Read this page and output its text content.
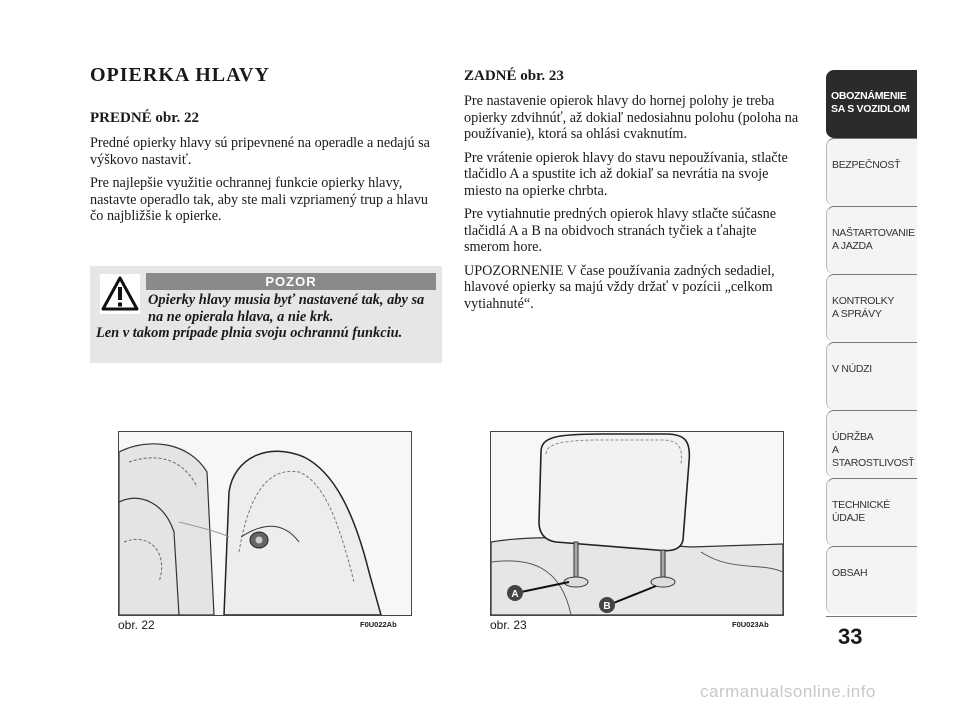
OPIERKA HLAVY

PREDNÉ obr. 22

Predné opierky hlavy sú pripevnené na operadle a nedajú sa výškovo nastaviť.

Pre najlepšie využitie ochrannej funkcie opierky hlavy, nastavte operadlo tak, aby ste mali vzpriamený trup a hlavu čo najbližšie k opierke.

POZOR

Opierky hlavy musia byť nastavené tak, aby sa na ne opierala hlava, a nie krk.
Len v takom prípade plnia svoju ochrannú funkciu.

ZADNÉ obr. 23

Pre nastavenie opierok hlavy do hornej polohy je treba opierky zdvihnúť, až dokiaľ nedosiahnu polohu (poloha na používanie), ktorá sa ohlási cvaknutím.

Pre vrátenie opierok hlavy do stavu nepoužívania, stlačte tlačidlo A a spustite ich až dokiaľ sa nevrátia na svoje miesto na opierke chrbta.

Pre vytiahnutie predných opierok hlavy stlačte súčasne tlačidlá A a B na obidvoch stranách tyčiek a ťahajte smerom hore.

UPOZORNENIE V čase používania zadných sedadiel, hlavové opierky sa majú vždy držať v pozícii „celkom vytiahnuté“.

obr. 22	F0U022Ab
A
B
obr. 23	F0U023Ab
OBOZNÁMENIE
SA S VOZIDLOM
BEZPEČNOSŤ
NAŠTARTOVANIE
A JAZDA
KONTROLKY
A SPRÁVY
V NÚDZI
ÚDRŽBA
A STAROSTLIVOSŤ
TECHNICKÉ
ÚDAJE
OBSAH
33
carmanualsonline.info
